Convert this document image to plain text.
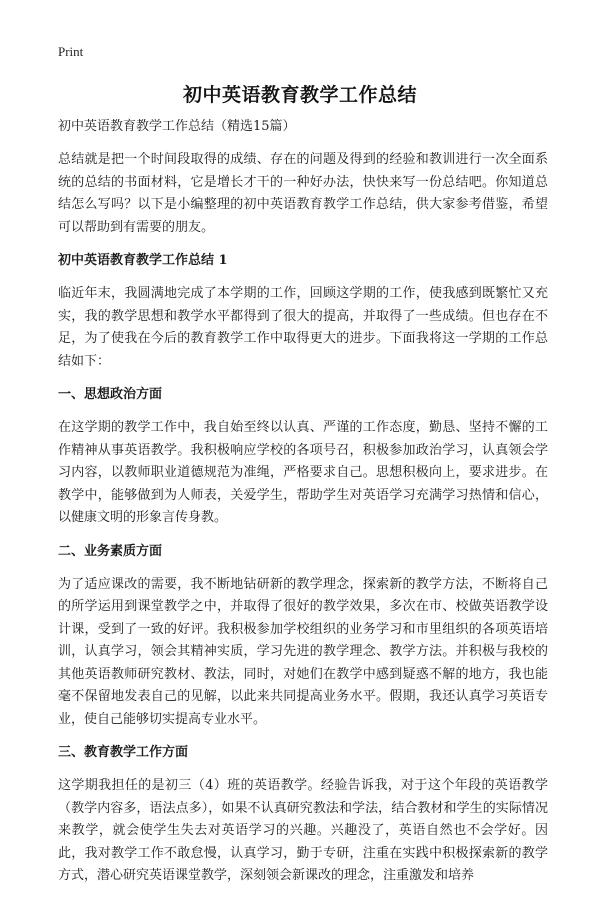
Print
初中英语教育教学工作总结
初中英语教育教学工作总结（精选15篇）

总结就是把一个时间段取得的成绩、存在的问题及得到的经验和教训进行一次全面系统的总结的书面材料，它是增长才干的一种好办法，快快来写一份总结吧。你知道总结怎么写吗？以下是小编整理的初中英语教育教学工作总结，供大家参考借鉴，希望可以帮助到有需要的朋友。

初中英语教育教学工作总结 1

临近年末，我圆满地完成了本学期的工作，回顾这学期的工作，使我感到既繁忙又充实，我的教学思想和教学水平都得到了很大的提高，并取得了一些成绩。但也存在不足，为了使我在今后的教育教学工作中取得更大的进步。下面我将这一学期的工作总结如下：

一、思想政治方面

在这学期的教学工作中，我自始至终以认真、严谨的工作态度，勤恳、坚持不懈的工作精神从事英语教学。我积极响应学校的各项号召，积极参加政治学习，认真领会学习内容，以教师职业道德规范为准绳，严格要求自己。思想积极向上，要求进步。在教学中，能够做到为人师表，关爱学生，帮助学生对英语学习充满学习热情和信心，以健康文明的形象言传身教。

二、业务素质方面

为了适应课改的需要，我不断地钻研新的教学理念，探索新的教学方法，不断将自己的所学运用到课堂教学之中，并取得了很好的教学效果，多次在市、校做英语教学设计课，受到了一致的好评。我积极参加学校组织的业务学习和市里组织的各项英语培训，认真学习，领会其精神实质，学习先进的教学理念、教学方法。并积极与我校的其他英语教师研究教材、教法，同时，对她们在教学中感到疑惑不解的地方，我也能毫不保留地发表自己的见解，以此来共同提高业务水平。假期，我还认真学习英语专业，使自己能够切实提高专业水平。

三、教育教学工作方面

这学期我担任的是初三（4）班的英语教学。经验告诉我，对于这个年段的英语教学（教学内容多，语法点多），如果不认真研究教法和学法，结合教材和学生的实际情况来教学，就会使学生失去对英语学习的兴趣。兴趣没了，英语自然也不会学好。因此，我对教学工作不敢怠慢，认真学习，勤于专研，注重在实践中积极探索新的教学方式，潜心研究英语课堂教学，深刻领会新课改的理念，注重激发和培养
